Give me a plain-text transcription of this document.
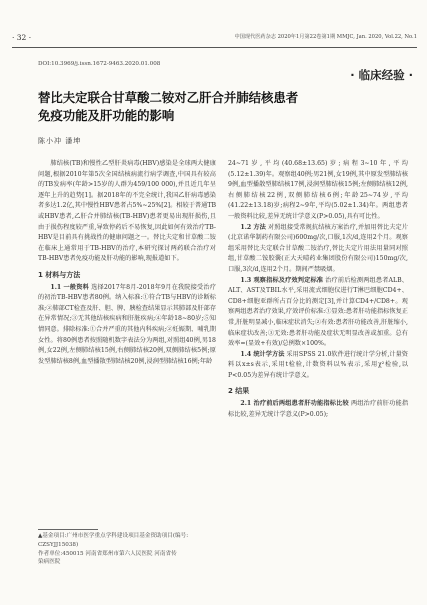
· 32 ·	中国现代医药杂志 2020年1月第22卷第1期 MMJC, Jan. 2020, Vol.22, No.1
DOI:10.3969/j.issn.1672-9463.2020.01.008
· 临床经验 ·
替比夫定联合甘草酸二铵对乙肝合并肺结核患者
免疫功能及肝功能的影响
陈小冲 潘坤

肺结核(TB)和慢性乙型肝炎病毒(HBV)感染是全球两大健康问题,根据2010年第5次全国结核病流行病学调查,中国具有较高的TB发病率(年龄>15岁的人群为459/100 000),并且近几年呈逐年上升的趋势[1]。据2018年的不完全统计,我国乙肝病毒感染者多达1.2亿,其中慢性HBV患者占5%~25%[2]。相较于普通TB或HBV患者,乙肝合并肺结核(TB-HBV)患者更易出现肝损伤,且由于损伤程度较严重,导致停药后不易恢复,因此如何有效治疗TB-HBV是目前具有挑战性的健康问题之一。替比夫定和甘草酸二铵在临床上通常用于TB-HBV的治疗,本研究探讨两药联合治疗对TB-HBV患者免疫功能及肝功能的影响,现报道如下。

1 材料与方法

1.1 一般资料 选择2017年8月-2018年9月在我院接受治疗的初治TB-HBV患者80例。纳入标准:①符合TB与HBV的诊断标准;②肺部CT检查及肝、胆、脾、胰检查结果显示其肺部及肝部存在异常情况;③无其他结核疾病和肝脏疾病;④年龄18~80岁;⑤知情同意。排除标准:①合并严重的其他内科疾病;②妊娠期、哺乳期女性。将80例患者按照随机数字表法分为两组,对照组40例,男18例,女22例,左侧肺结核15例,右侧肺结核20例,双侧肺结核5例;原发型肺结核8例,血型播散型肺结核20例,浸润型肺结核16例;年龄

24~71岁,平均(40.68±13.65)岁;病程3~10年,平均(5.12±1.39)年。观察组40例;男21例,女19例,其中原发型肺结核9例,血型播散型肺结核17例,浸润型肺结核15例;左侧肺结核12例,右侧肺结核22例,双侧肺结核6例;年龄25~74岁,平均(41.22±13.18)岁;病程2~9年,平均(5.02±1.34)年。两组患者一般资料比较,差异无统计学意义(P>0.05),具有可比性。

1.2 方法 对照组接受常规抗结核方案治疗,并加用替比夫定片(北京诺华制药有限公司)600mg/次,口服,1次/d,连用2个月。观察组采用替比夫定联合甘草酸二铵治疗,替比夫定片用法用量同对照组,甘草酸二铵胶囊(正大天晴药业集团股份有限公司)150mg/次,口服,3次/d,连用2个月。期间严禁吸烟。

1.3 观察指标及疗效判定标准 治疗前后检测两组患者ALB、ALT、AST及TBIL水平,采用流式细胞仪进行T淋巴细胞CD4+、CD8+细胞亚群所占百分比的测定[3],并计算CD4+/CD8+。观察两组患者治疗效果,疗效评价标准:①显效:患者肝功能指标恢复正常,肝脏明显减小,临床症状消失;②有效:患者肝功能改善,肝脏缩小,临床症状改善;③无效:患者肝功能及症状无明显改善或加重。总有效率=(显效+有效)/总例数×100%。

1.4 统计学方法 采用SPSS 21.0软件进行统计学分析,计量资料以x±s表示,采用t检验,计数资料以%表示,采用χ²检验,以P<0.05为差异有统计学意义。

2 结果

2.1 治疗前后两组患者肝功能指标比较 两组治疗前肝功能指标比较,差异无统计学意义(P>0.05);

▲基金项目:广州市医学重点学科建设项目基金资助项目(编号:
CZSYJJ15038)
作者单位:450015 河南省郑州市第六人民医院 河南省传
染病医院
